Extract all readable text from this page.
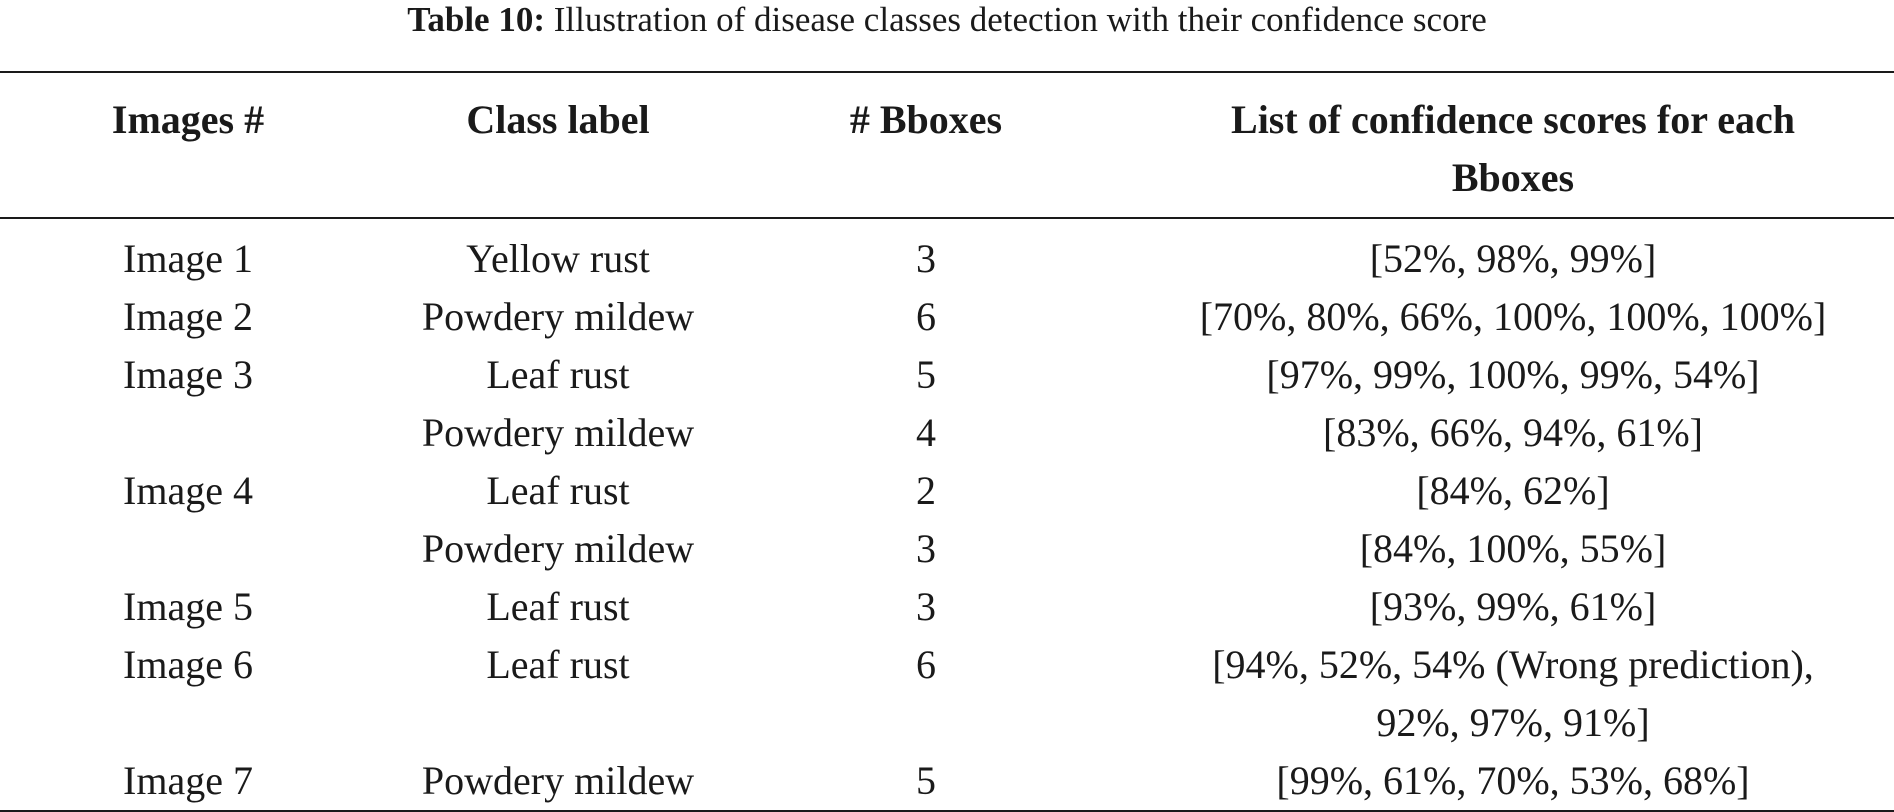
Table 10: Illustration of disease classes detection with their confidence score
Images #	Class label	# Bboxes	List of confidence scores for each Bboxes
Image 1	Yellow rust	3	[52%, 98%, 99%]
Image 2	Powdery mildew	6	[70%, 80%, 66%, 100%, 100%, 100%]
Image 3	Leaf rust	5	[97%, 99%, 100%, 99%, 54%]
	Powdery mildew	4	[83%, 66%, 94%, 61%]
Image 4	Leaf rust	2	[84%, 62%]
	Powdery mildew	3	[84%, 100%, 55%]
Image 5	Leaf rust	3	[93%, 99%, 61%]
Image 6	Leaf rust	6	[94%, 52%, 54% (Wrong prediction), 92%, 97%, 91%]
Image 7	Powdery mildew	5	[99%, 61%, 70%, 53%, 68%]
